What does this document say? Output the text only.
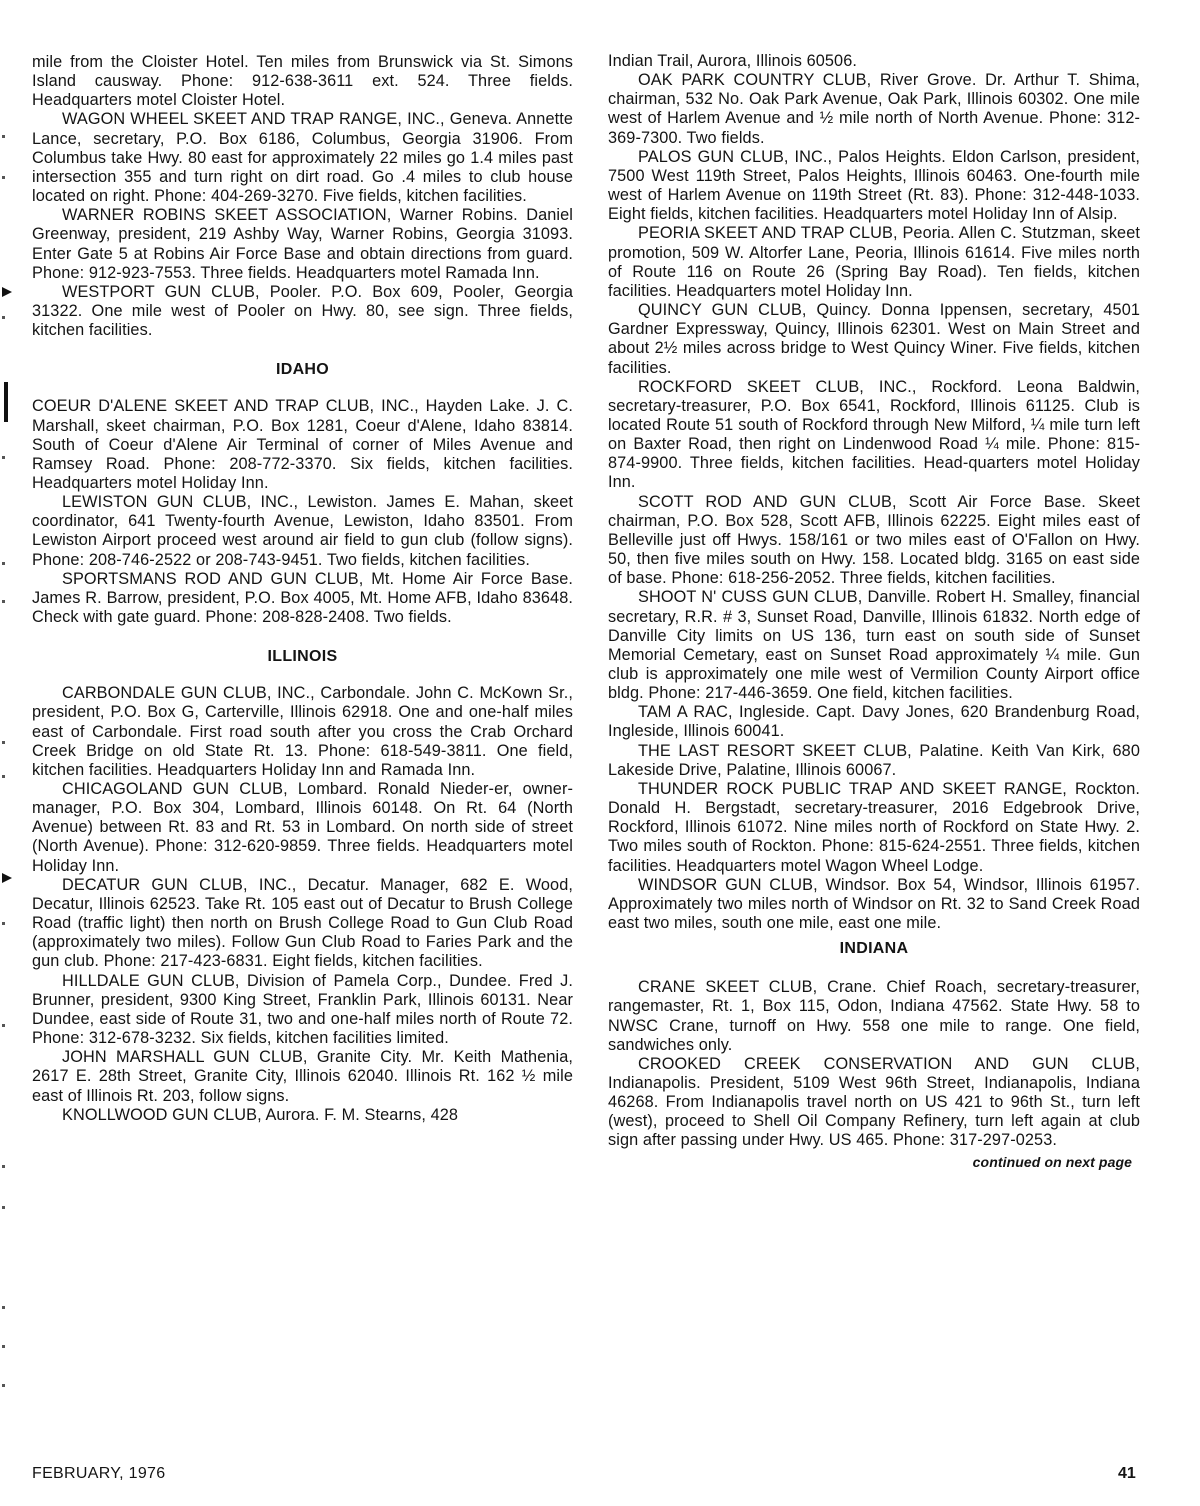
mile from the Cloister Hotel. Ten miles from Brunswick via St. Simons Island causway. Phone: 912-638-3611 ext. 524. Three fields. Headquarters motel Cloister Hotel.

WAGON WHEEL SKEET AND TRAP RANGE, INC., Geneva. Annette Lance, secretary, P.O. Box 6186, Columbus, Georgia 31906. From Columbus take Hwy. 80 east for approximately 22 miles go 1.4 miles past intersection 355 and turn right on dirt road. Go .4 miles to club house located on right. Phone: 404-269-3270. Five fields, kitchen facilities.

WARNER ROBINS SKEET ASSOCIATION, Warner Robins. Daniel Greenway, president, 219 Ashby Way, Warner Robins, Georgia 31093. Enter Gate 5 at Robins Air Force Base and obtain directions from guard. Phone: 912-923-7553. Three fields. Headquarters motel Ramada Inn.

WESTPORT GUN CLUB, Pooler. P.O. Box 609, Pooler, Georgia 31322. One mile west of Pooler on Hwy. 80, see sign. Three fields, kitchen facilities.

IDAHO

COEUR D'ALENE SKEET AND TRAP CLUB, INC., Hayden Lake. J. C. Marshall, skeet chairman, P.O. Box 1281, Coeur d'Alene, Idaho 83814. South of Coeur d'Alene Air Terminal of corner of Miles Avenue and Ramsey Road. Phone: 208-772-3370. Six fields, kitchen facilities. Headquarters motel Holiday Inn.

LEWISTON GUN CLUB, INC., Lewiston. James E. Mahan, skeet coordinator, 641 Twenty-fourth Avenue, Lewiston, Idaho 83501. From Lewiston Airport proceed west around air field to gun club (follow signs). Phone: 208-746-2522 or 208-743-9451. Two fields, kitchen facilities.

SPORTSMANS ROD AND GUN CLUB, Mt. Home Air Force Base. James R. Barrow, president, P.O. Box 4005, Mt. Home AFB, Idaho 83648. Check with gate guard. Phone: 208-828-2408. Two fields.

ILLINOIS

CARBONDALE GUN CLUB, INC., Carbondale. John C. McKown Sr., president, P.O. Box G, Carterville, Illinois 62918. One and one-half miles east of Carbondale. First road south after you cross the Crab Orchard Creek Bridge on old State Rt. 13. Phone: 618-549-3811. One field, kitchen facilities. Headquarters Holiday Inn and Ramada Inn.

CHICAGOLAND GUN CLUB, Lombard. Ronald Nieder-er, owner-manager, P.O. Box 304, Lombard, Illinois 60148. On Rt. 64 (North Avenue) between Rt. 83 and Rt. 53 in Lombard. On north side of street (North Avenue). Phone: 312-620-9859. Three fields. Headquarters motel Holiday Inn.

DECATUR GUN CLUB, INC., Decatur. Manager, 682 E. Wood, Decatur, Illinois 62523. Take Rt. 105 east out of Decatur to Brush College Road (traffic light) then north on Brush College Road to Gun Club Road (approximately two miles). Follow Gun Club Road to Faries Park and the gun club. Phone: 217-423-6831. Eight fields, kitchen facilities.

HILLDALE GUN CLUB, Division of Pamela Corp., Dundee. Fred J. Brunner, president, 9300 King Street, Franklin Park, Illinois 60131. Near Dundee, east side of Route 31, two and one-half miles north of Route 72. Phone: 312-678-3232. Six fields, kitchen facilities limited.

JOHN MARSHALL GUN CLUB, Granite City. Mr. Keith Mathenia, 2617 E. 28th Street, Granite City, Illinois 62040. Illinois Rt. 162 ½ mile east of Illinois Rt. 203, follow signs.

KNOLLWOOD GUN CLUB, Aurora. F. M. Stearns, 428

Indian Trail, Aurora, Illinois 60506.

OAK PARK COUNTRY CLUB, River Grove. Dr. Arthur T. Shima, chairman, 532 No. Oak Park Avenue, Oak Park, Illinois 60302. One mile west of Harlem Avenue and ½ mile north of North Avenue. Phone: 312-369-7300. Two fields.

PALOS GUN CLUB, INC., Palos Heights. Eldon Carlson, president, 7500 West 119th Street, Palos Heights, Illinois 60463. One-fourth mile west of Harlem Avenue on 119th Street (Rt. 83). Phone: 312-448-1033. Eight fields, kitchen facilities. Headquarters motel Holiday Inn of Alsip.

PEORIA SKEET AND TRAP CLUB, Peoria. Allen C. Stutzman, skeet promotion, 509 W. Altorfer Lane, Peoria, Illinois 61614. Five miles north of Route 116 on Route 26 (Spring Bay Road). Ten fields, kitchen facilities. Headquarters motel Holiday Inn.

QUINCY GUN CLUB, Quincy. Donna Ippensen, secretary, 4501 Gardner Expressway, Quincy, Illinois 62301. West on Main Street and about 2½ miles across bridge to West Quincy Winer. Five fields, kitchen facilities.

ROCKFORD SKEET CLUB, INC., Rockford. Leona Baldwin, secretary-treasurer, P.O. Box 6541, Rockford, Illinois 61125. Club is located Route 51 south of Rockford through New Milford, ¼ mile turn left on Baxter Road, then right on Lindenwood Road ¼ mile. Phone: 815-874-9900. Three fields, kitchen facilities. Head-quarters motel Holiday Inn.

SCOTT ROD AND GUN CLUB, Scott Air Force Base. Skeet chairman, P.O. Box 528, Scott AFB, Illinois 62225. Eight miles east of Belleville just off Hwys. 158/161 or two miles east of O'Fallon on Hwy. 50, then five miles south on Hwy. 158. Located bldg. 3165 on east side of base. Phone: 618-256-2052. Three fields, kitchen facilities.

SHOOT N' CUSS GUN CLUB, Danville. Robert H. Smalley, financial secretary, R.R. # 3, Sunset Road, Danville, Illinois 61832. North edge of Danville City limits on US 136, turn east on south side of Sunset Memorial Cemetary, east on Sunset Road approximately ¼ mile. Gun club is approximately one mile west of Vermilion County Airport office bldg. Phone: 217-446-3659. One field, kitchen facilities.

TAM A RAC, Ingleside. Capt. Davy Jones, 620 Brandenburg Road, Ingleside, Illinois 60041.

THE LAST RESORT SKEET CLUB, Palatine. Keith Van Kirk, 680 Lakeside Drive, Palatine, Illinois 60067.

THUNDER ROCK PUBLIC TRAP AND SKEET RANGE, Rockton. Donald H. Bergstadt, secretary-treasurer, 2016 Edgebrook Drive, Rockford, Illinois 61072. Nine miles north of Rockford on State Hwy. 2. Two miles south of Rockton. Phone: 815-624-2551. Three fields, kitchen facilities. Headquarters motel Wagon Wheel Lodge.

WINDSOR GUN CLUB, Windsor. Box 54, Windsor, Illinois 61957. Approximately two miles north of Windsor on Rt. 32 to Sand Creek Road east two miles, south one mile, east one mile.

INDIANA

CRANE SKEET CLUB, Crane. Chief Roach, secretary-treasurer, rangemaster, Rt. 1, Box 115, Odon, Indiana 47562. State Hwy. 58 to NWSC Crane, turnoff on Hwy. 558 one mile to range. One field, sandwiches only.

CROOKED CREEK CONSERVATION AND GUN CLUB, Indianapolis. President, 5109 West 96th Street, Indianapolis, Indiana 46268. From Indianapolis travel north on US 421 to 96th St., turn left (west), proceed to Shell Oil Company Refinery, turn left again at club sign after passing under Hwy. US 465. Phone: 317-297-0253.

continued on next page
FEBRUARY, 1976	41
